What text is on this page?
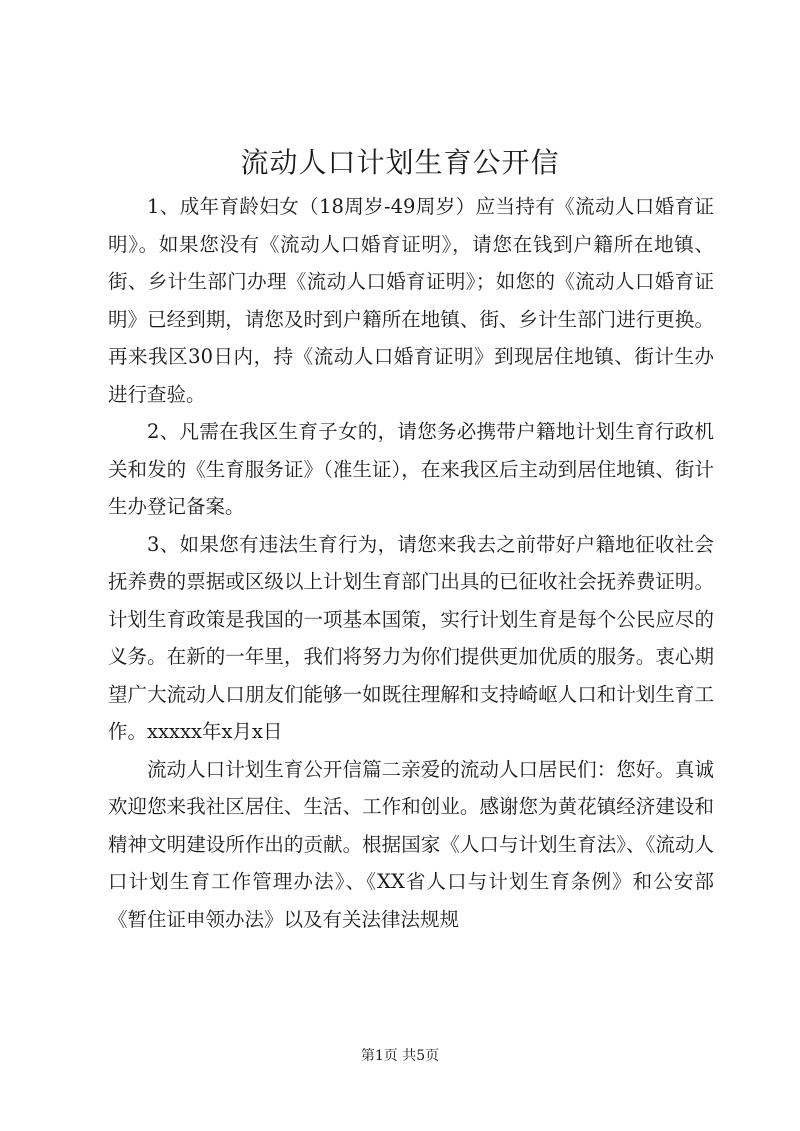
流动人口计划生育公开信

1、成年育龄妇女（18周岁-49周岁）应当持有《流动人口婚育证明》。如果您没有《流动人口婚育证明》，请您在钱到户籍所在地镇、街、乡计生部门办理《流动人口婚育证明》；如您的《流动人口婚育证明》已经到期，请您及时到户籍所在地镇、街、乡计生部门进行更换。再来我区30日内，持《流动人口婚育证明》到现居住地镇、街计生办进行查验。

2、凡需在我区生育子女的，请您务必携带户籍地计划生育行政机关和发的《生育服务证》（准生证），在来我区后主动到居住地镇、街计生办登记备案。

3、如果您有违法生育行为，请您来我去之前带好户籍地征收社会抚养费的票据或区级以上计划生育部门出具的已征收社会抚养费证明。计划生育政策是我国的一项基本国策，实行计划生育是每个公民应尽的义务。在新的一年里，我们将努力为你们提供更加优质的服务。衷心期望广大流动人口朋友们能够一如既往理解和支持崎岖人口和计划生育工作。xxxxx年x月x日

流动人口计划生育公开信篇二亲爱的流动人口居民们：您好。真诚欢迎您来我社区居住、生活、工作和创业。感谢您为黄花镇经济建设和精神文明建设所作出的贡献。根据国家《人口与计划生育法》、《流动人口计划生育工作管理办法》、《XX省人口与计划生育条例》和公安部《暂住证申领办法》以及有关法律法规规

第1页 共5页
